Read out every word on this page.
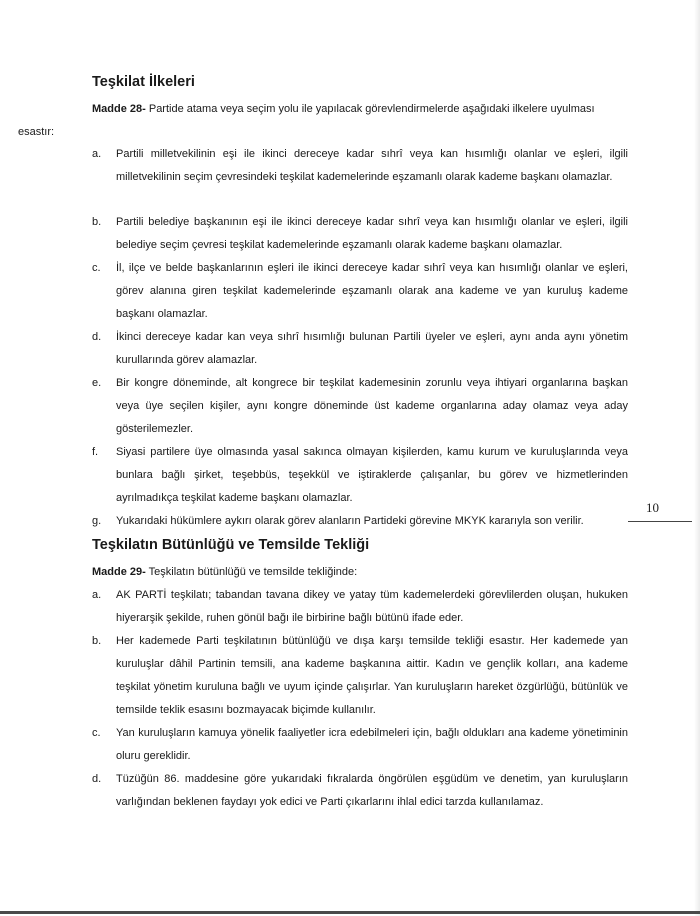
Teşkilat İlkeleri

Madde 28- Partide atama veya seçim yolu ile yapılacak görevlendirmelerde aşağıdaki ilkelere uyulması

esastır:

a. Partili milletvekilinin eşi ile ikinci dereceye kadar sıhrî veya kan hısımlığı olanlar ve eşleri, ilgili milletvekilinin seçim çevresindeki teşkilat kademelerinde eşzamanlı olarak kademe başkanı olamazlar.
b. Partili belediye başkanının eşi ile ikinci dereceye kadar sıhrî veya kan hısımlığı olanlar ve eşleri, ilgili belediye seçim çevresi teşkilat kademelerinde eşzamanlı olarak kademe başkanı olamazlar.
c. İl, ilçe ve belde başkanlarının eşleri ile ikinci dereceye kadar sıhrî veya kan hısımlığı olanlar ve eşleri, görev alanına giren teşkilat kademelerinde eşzamanlı olarak ana kademe ve yan kuruluş kademe başkanı olamazlar.
d. İkinci dereceye kadar kan veya sıhrî hısımlığı bulunan Partili üyeler ve eşleri, aynı anda aynı yönetim kurullarında görev alamazlar.
e. Bir kongre döneminde, alt kongrece bir teşkilat kademesinin zorunlu veya ihtiyari organlarına başkan veya üye seçilen kişiler, aynı kongre döneminde üst kademe organlarına aday olamaz veya aday gösterilemezler.
f. Siyasi partilere üye olmasında yasal sakınca olmayan kişilerden, kamu kurum ve kuruluşlarında veya bunlara bağlı şirket, teşebbüs, teşekkül ve iştiraklerde çalışanlar, bu görev ve hizmetlerinden ayrılmadıkça teşkilat kademe başkanı olamazlar.
g. Yukarıdaki hükümlere aykırı olarak görev alanların Partideki görevine MKYK kararıyla son verilir.
10
Teşkilatın Bütünlüğü ve Temsilde Tekliği

Madde 29- Teşkilatın bütünlüğü ve temsilde tekliğinde:

a. AK PARTİ teşkilatı; tabandan tavana dikey ve yatay tüm kademelerdeki görevlilerden oluşan, hukuken hiyerarşik şekilde, ruhen gönül bağı ile birbirine bağlı bütünü ifade eder.
b. Her kademede Parti teşkilatının bütünlüğü ve dışa karşı temsilde tekliği esastır. Her kademede yan kuruluşlar dâhil Partinin temsili, ana kademe başkanına aittir. Kadın ve gençlik kolları, ana kademe teşkilat yönetim kuruluna bağlı ve uyum içinde çalışırlar. Yan kuruluşların hareket özgürlüğü, bütünlük ve temsilde teklik esasını bozmayacak biçimde kullanılır.
c. Yan kuruluşların kamuya yönelik faaliyetler icra edebilmeleri için, bağlı oldukları ana kademe yönetiminin oluru gereklidir.
d. Tüzüğün 86. maddesine göre yukarıdaki fıkralarda öngörülen eşgüdüm ve denetim, yan kuruluşların varlığından beklenen faydayı yok edici ve Parti çıkarlarını ihlal edici tarzda kullanılamaz.
